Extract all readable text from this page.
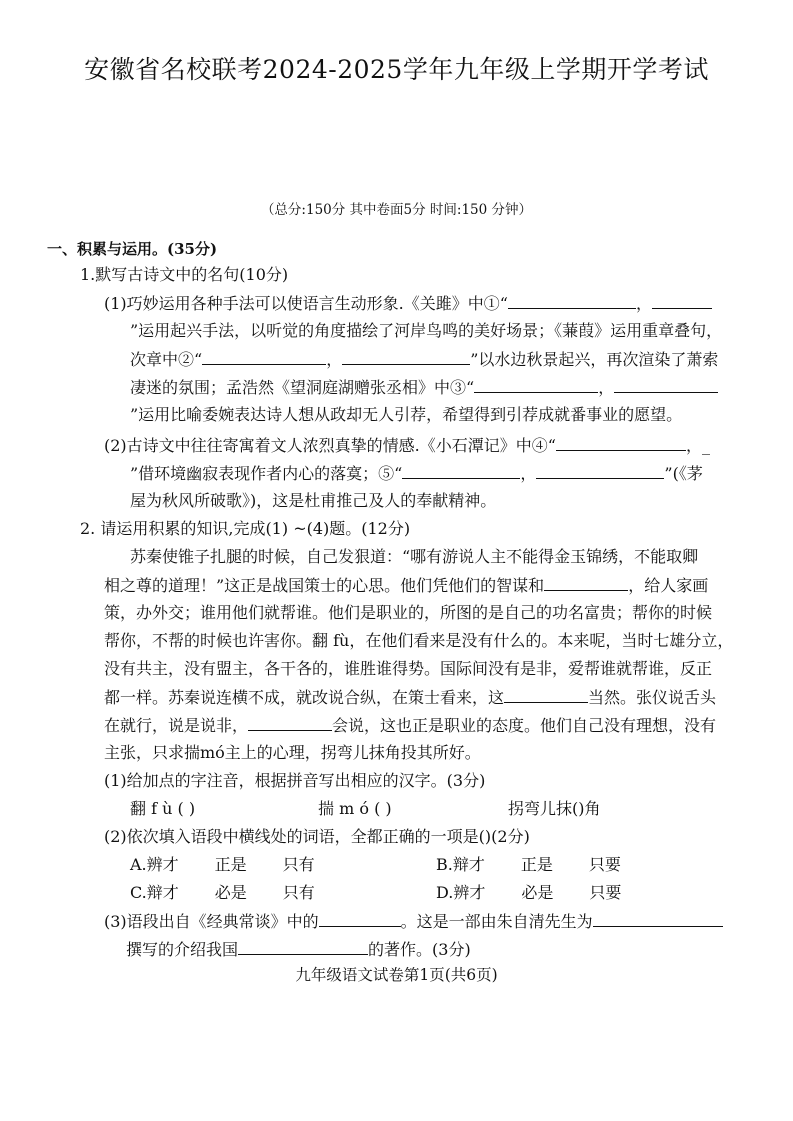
安徽省名校联考2024-2025学年九年级上学期开学考试
（总分:150分 其中卷面5分 时间:150 分钟）
一、积累与运用。(35分)
1.默写古诗文中的名句(10分)
(1)巧妙运用各种手法可以使语言生动形象.《关雎》中①“	，
”运用起兴手法，以听觉的角度描绘了河岸鸟鸣的美好场景；《蒹葭》运用重章叠句，
次章中②“	，	”以水边秋景起兴，再次渲染了萧索
凄迷的氛围；孟浩然《望洞庭湖赠张丞相》中③“	，
”运用比喻委婉表达诗人想从政却无人引荐，希望得到引荐成就番事业的愿望。
(2)古诗文中往往寄寓着文人浓烈真挚的情感.《小石潭记》中④“	，_
”借环境幽寂表现作者内心的落寞；⑤“	，	”(《茅
屋为秋风所破歌》)，这是杜甫推己及人的奉献精神。
2. 请运用积累的知识,完成(1) ~(4)题。(12分)
苏秦使锥子扎腿的时候，自己发狠道：“哪有游说人主不能得金玉锦绣，不能取卿
相之尊的道理！”这正是战国策士的心思。他们凭他们的智谋和	，给人家画
策，办外交；谁用他们就帮谁。他们是职业的，所图的是自己的功名富贵；帮你的时候
帮你，不帮的时候也许害你。翻 fù，在他们看来是没有什么的。本来呢，当时七雄分立，
没有共主，没有盟主，各干各的，谁胜谁得势。国际间没有是非，爱帮谁就帮谁，反正
都一样。苏秦说连横不成，就改说合纵，在策士看来，这	当然。张仪说舌头
在就行，说是说非，	会说，这也正是职业的态度。他们自己没有理想，没有
主张，只求揣mó主上的心理，拐弯儿抹角投其所好。
(1)给加点的字注音，根据拼音写出相应的汉字。(3分)
翻 f ù ( )	揣 m ó ( )	拐弯儿抹()角
(2)依次填入语段中横线处的词语，全都正确的一项是()(2分)
A.辨才 正是 只有	B.辩才 正是 只要
C.辩才 必是 只有	D.辨才 必是 只要
(3)语段出自《经典常谈》中的	。这是一部由朱自清先生为
撰写的介绍我国	的著作。(3分)
九年级语文试卷第1页(共6页)
